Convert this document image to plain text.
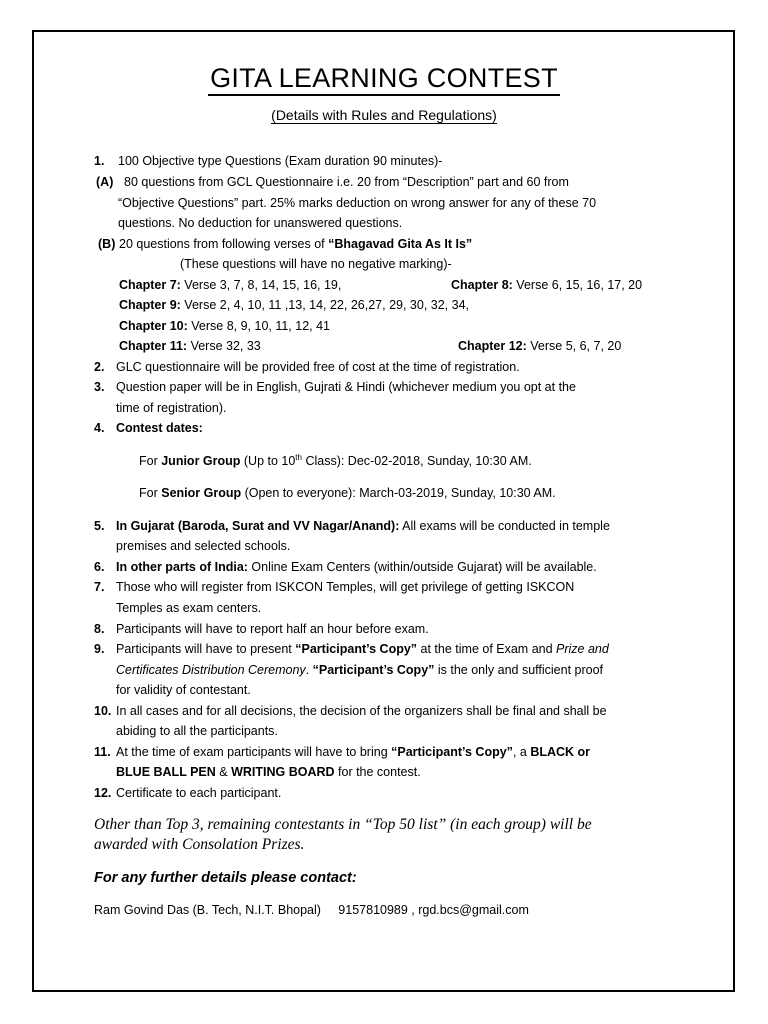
GITA LEARNING CONTEST
(Details with Rules and Regulations)
1. 100 Objective type Questions (Exam duration 90 minutes)-
(A) 80 questions from GCL Questionnaire i.e. 20 from “Description” part and 60 from
“Objective Questions” part. 25% marks deduction on wrong answer for any of these 70
questions. No deduction for unanswered questions.
(B) 20 questions from following verses of “Bhagavad Gita As It Is”
(These questions will have no negative marking)-
Chapter 7: Verse 3, 7, 8, 14, 15, 16, 19,	Chapter 8: Verse 6, 15, 16, 17, 20
Chapter 9: Verse 2, 4, 10, 11 ,13, 14, 22, 26,27, 29, 30, 32, 34,
Chapter 10: Verse 8, 9, 10, 11, 12, 41
Chapter 11: Verse 32, 33	Chapter 12: Verse 5, 6, 7, 20
2. GLC questionnaire will be provided free of cost at the time of registration.
3. Question paper will be in English, Gujrati & Hindi (whichever medium you opt at the
time of registration).
4. Contest dates:
For Junior Group (Up to 10th Class): Dec-02-2018, Sunday, 10:30 AM.
For Senior Group (Open to everyone): March-03-2019, Sunday, 10:30 AM.
5. In Gujarat (Baroda, Surat and VV Nagar/Anand): All exams will be conducted in temple
premises and selected schools.
6. In other parts of India: Online Exam Centers (within/outside Gujarat) will be available.
7. Those who will register from ISKCON Temples, will get privilege of getting ISKCON
Temples as exam centers.
8. Participants will have to report half an hour before exam.
9. Participants will have to present “Participant’s Copy” at the time of Exam and Prize and
Certificates Distribution Ceremony. “Participant’s Copy” is the only and sufficient proof
for validity of contestant.
10. In all cases and for all decisions, the decision of the organizers shall be final and shall be
abiding to all the participants.
11. At the time of exam participants will have to bring “Participant’s Copy”, a BLACK or
BLUE BALL PEN & WRITING BOARD for the contest.
12. Certificate to each participant.
Other than Top 3, remaining contestants in “Top 50 list” (in each group) will be
awarded with Consolation Prizes.
For any further details please contact:
Ram Govind Das (B. Tech, N.I.T. Bhopal)     9157810989 , rgd.bcs@gmail.com
